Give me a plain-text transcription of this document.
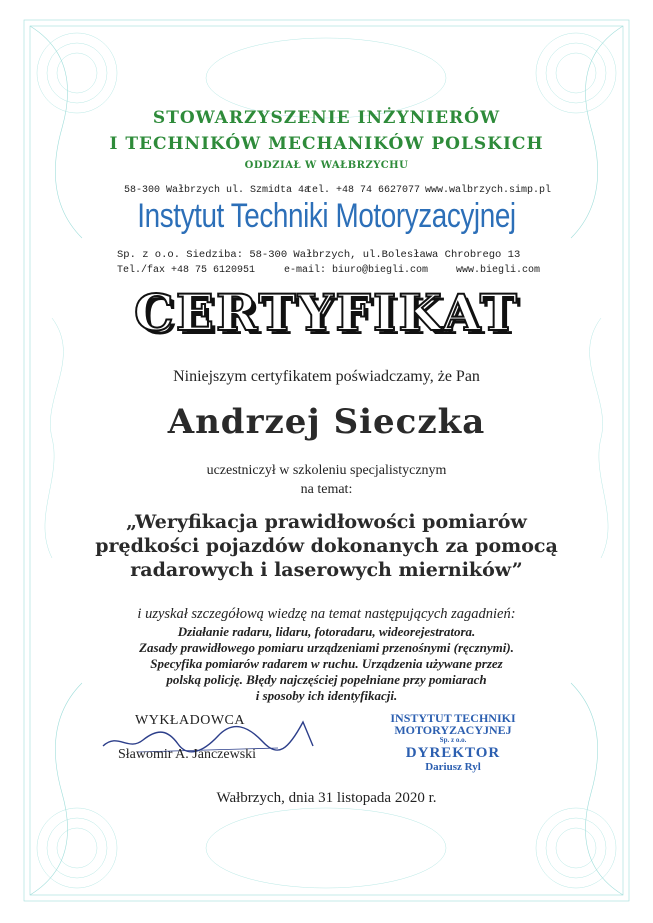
STOWARZYSZENIE INŻYNIERÓW
I TECHNIKÓW MECHANIKÓW POLSKICH
ODDZIAŁ W WAŁBRZYCHU
58-300 Wałbrzych ul. Szmidta 4a
tel. +48 74 6627077 www.walbrzych.simp.pl
Instytut Techniki Motoryzacyjnej
Sp. z o.o. Siedziba: 58-300 Wałbrzych, ul.Bolesława Chrobrego 13
Tel./fax +48 75 6120951	e-mail: biuro@biegli.com	www.biegli.com
CERTYFIKAT
Niniejszym certyfikatem poświadczamy, że Pan
Andrzej Sieczka
uczestniczył w szkoleniu specjalistycznym
na temat:
„Weryfikacja prawidłowości pomiarów
prędkości pojazdów dokonanych za pomocą
radarowych i laserowych mierników”
i uzyskał szczegółową wiedzę na temat następujących zagadnień:
Działanie radaru, lidaru, fotoradaru, wideorejestratora.
Zasady prawidłowego pomiaru urządzeniami przenośnymi (ręcznymi).
Specyfika pomiarów radarem w ruchu. Urządzenia używane przez
polską policję. Błędy najczęściej popełniane przy pomiarach
i sposoby ich identyfikacji.
WYKŁADOWCA
Sławomir A. Janczewski
INSTYTUT TECHNIKI
MOTORYZACYJNEJ
Sp. z o.o.
DYREKTOR
Dariusz Ryl
Wałbrzych, dnia 31 listopada 2020 r.
